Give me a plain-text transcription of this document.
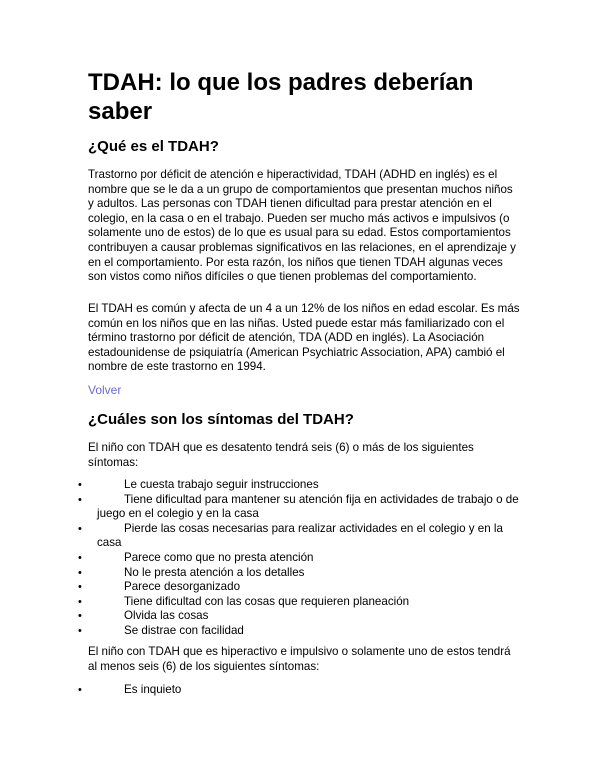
TDAH: lo que los padres deberían saber
¿Qué es el TDAH?

Trastorno por déficit de atención e hiperactividad, TDAH (ADHD en inglés) es el nombre que se le da a un grupo de comportamientos que presentan muchos niños y adultos. Las personas con TDAH tienen dificultad para prestar atención en el colegio, en la casa o en el trabajo. Pueden ser mucho más activos e impulsivos (o solamente uno de estos) de lo que es usual para su edad. Estos comportamientos contribuyen a causar problemas significativos en las relaciones, en el aprendizaje y en el comportamiento. Por esta razón, los niños que tienen TDAH algunas veces son vistos como niños difíciles o que tienen problemas del comportamiento.

El TDAH es común y afecta de un 4 a un 12% de los niños en edad escolar. Es más común en los niños que en las niñas. Usted puede estar más familiarizado con el término trastorno por déficit de atención, TDA (ADD en inglés). La Asociación estadounidense de psiquiatría (American Psychiatric Association, APA) cambió el nombre de este trastorno en 1994.

Volver
¿Cuáles son los síntomas del TDAH?

El niño con TDAH que es desatento tendrá seis (6) o más de los siguientes síntomas:

•	Le cuesta trabajo seguir instrucciones
•	Tiene dificultad para mantener su atención fija en actividades de trabajo o de juego en el colegio y en la casa
•	Pierde las cosas necesarias para realizar actividades en el colegio y en la casa
•	Parece como que no presta atención
•	No le presta atención a los detalles
•	Parece desorganizado
•	Tiene dificultad con las cosas que requieren planeación
•	Olvida las cosas
•	Se distrae con facilidad

El niño con TDAH que es hiperactivo e impulsivo o solamente uno de estos tendrá al menos seis (6) de los siguientes síntomas:

•	Es inquieto
